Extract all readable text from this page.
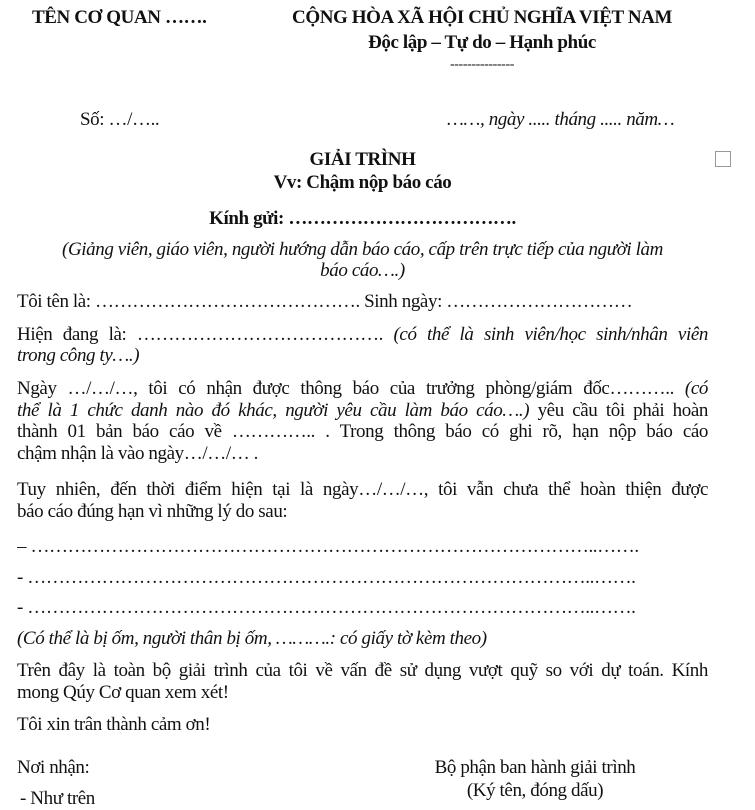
TÊN CƠ QUAN …….	CỘNG HÒA XÃ HỘI CHỦ NGHĨA VIỆT NAM
Độc lập – Tự do – Hạnh phúc
---------------
Số: …/…..	……, ngày ..... tháng ..... năm…
GIẢI TRÌNH
Vv: Chậm nộp báo cáo
Kính gửi: ……………………………….
(Giảng viên, giáo viên, người hướng dẫn báo cáo, cấp trên trực tiếp của người làm
báo cáo….)
Tôi tên là: ……………………………………. Sinh ngày: …………………………
Hiện đang là: …………………………………. (có thể là sinh viên/học sinh/nhân viên
trong công ty….)
Ngày …/…/…, tôi có nhận được thông báo của trưởng phòng/giám đốc……….. (có
thể là 1 chức danh nào đó khác, người yêu cầu làm báo cáo….) yêu cầu tôi phải hoàn
thành 01 bản báo cáo về ………….. . Trong thông báo có ghi rõ, hạn nộp báo cáo
chậm nhận là vào ngày…/…/… .
Tuy nhiên, đến thời điểm hiện tại là ngày…/…/…, tôi vẫn chưa thể hoàn thiện được
báo cáo đúng hạn vì những lý do sau:
– ………………………………………………………………………………..…….
- ………………………………………………………………………………..…….
- ………………………………………………………………………………..…….
(Có thể là bị ốm, người thân bị ốm, ……….: có giấy tờ kèm theo)
Trên đây là toàn bộ giải trình của tôi về vấn đề sử dụng vượt quỹ so với dự toán. Kính
mong Qúy Cơ quan xem xét!
Tôi xin trân thành cảm ơn!
Nơi nhận:
- Như trên
Bộ phận ban hành giải trình
(Ký tên, đóng dấu)
